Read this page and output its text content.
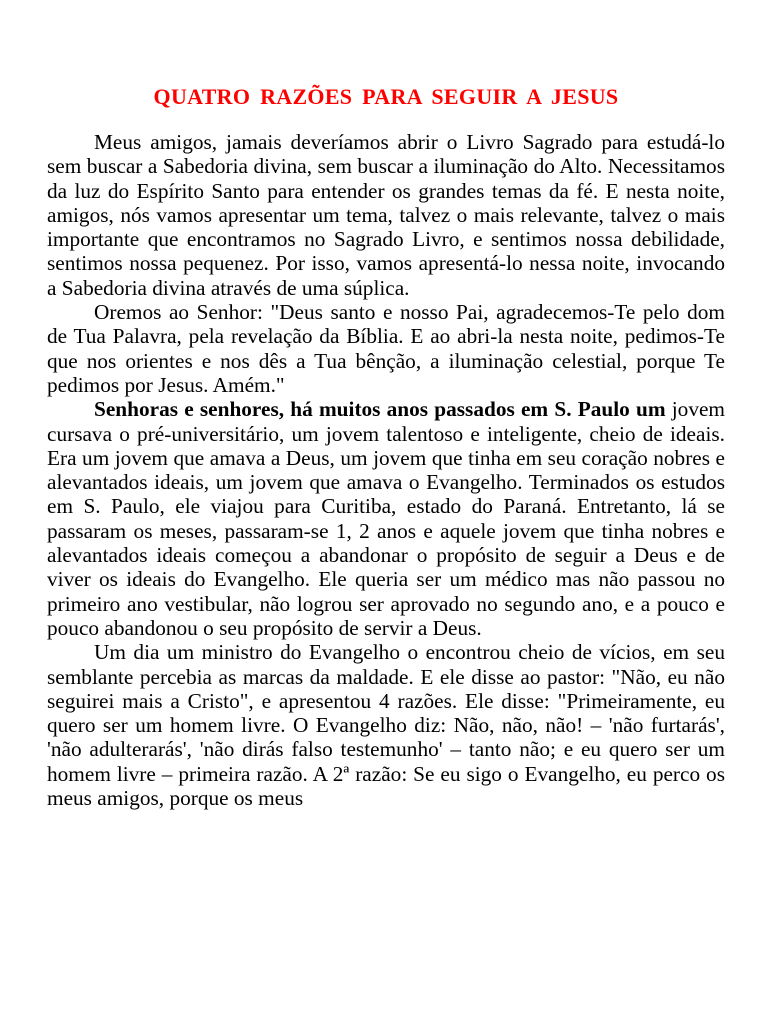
QUATRO RAZÕES PARA SEGUIR A JESUS

Meus amigos, jamais deveríamos abrir o Livro Sagrado para estudá-lo sem buscar a Sabedoria divina, sem buscar a iluminação do Alto. Necessitamos da luz do Espírito Santo para entender os grandes temas da fé. E nesta noite, amigos, nós vamos apresentar um tema, talvez o mais relevante, talvez o mais importante que encontramos no Sagrado Livro, e sentimos nossa debilidade, sentimos nossa pequenez. Por isso, vamos apresentá-lo nessa noite, invocando a Sabedoria divina através de uma súplica.

Oremos ao Senhor: "Deus santo e nosso Pai, agradecemos-Te pelo dom de Tua Palavra, pela revelação da Bíblia. E ao abri-la nesta noite, pedimos-Te que nos orientes e nos dês a Tua bênção, a iluminação celestial, porque Te pedimos por Jesus. Amém."

Senhoras e senhores, há muitos anos passados em S. Paulo um jovem cursava o pré-universitário, um jovem talentoso e inteligente, cheio de ideais. Era um jovem que amava a Deus, um jovem que tinha em seu coração nobres e alevantados ideais, um jovem que amava o Evangelho. Terminados os estudos em S. Paulo, ele viajou para Curitiba, estado do Paraná. Entretanto, lá se passaram os meses, passaram-se 1, 2 anos e aquele jovem que tinha nobres e alevantados ideais começou a abandonar o propósito de seguir a Deus e de viver os ideais do Evangelho. Ele queria ser um médico mas não passou no primeiro ano vestibular, não logrou ser aprovado no segundo ano, e a pouco e pouco abandonou o seu propósito de servir a Deus.

Um dia um ministro do Evangelho o encontrou cheio de vícios, em seu semblante percebia as marcas da maldade. E ele disse ao pastor: "Não, eu não seguirei mais a Cristo", e apresentou 4 razões. Ele disse: "Primeiramente, eu quero ser um homem livre. O Evangelho diz: Não, não, não! – 'não furtarás', 'não adulterarás', 'não dirás falso testemunho' – tanto não; e eu quero ser um homem livre – primeira razão. A 2ª razão: Se eu sigo o Evangelho, eu perco os meus amigos, porque os meus
